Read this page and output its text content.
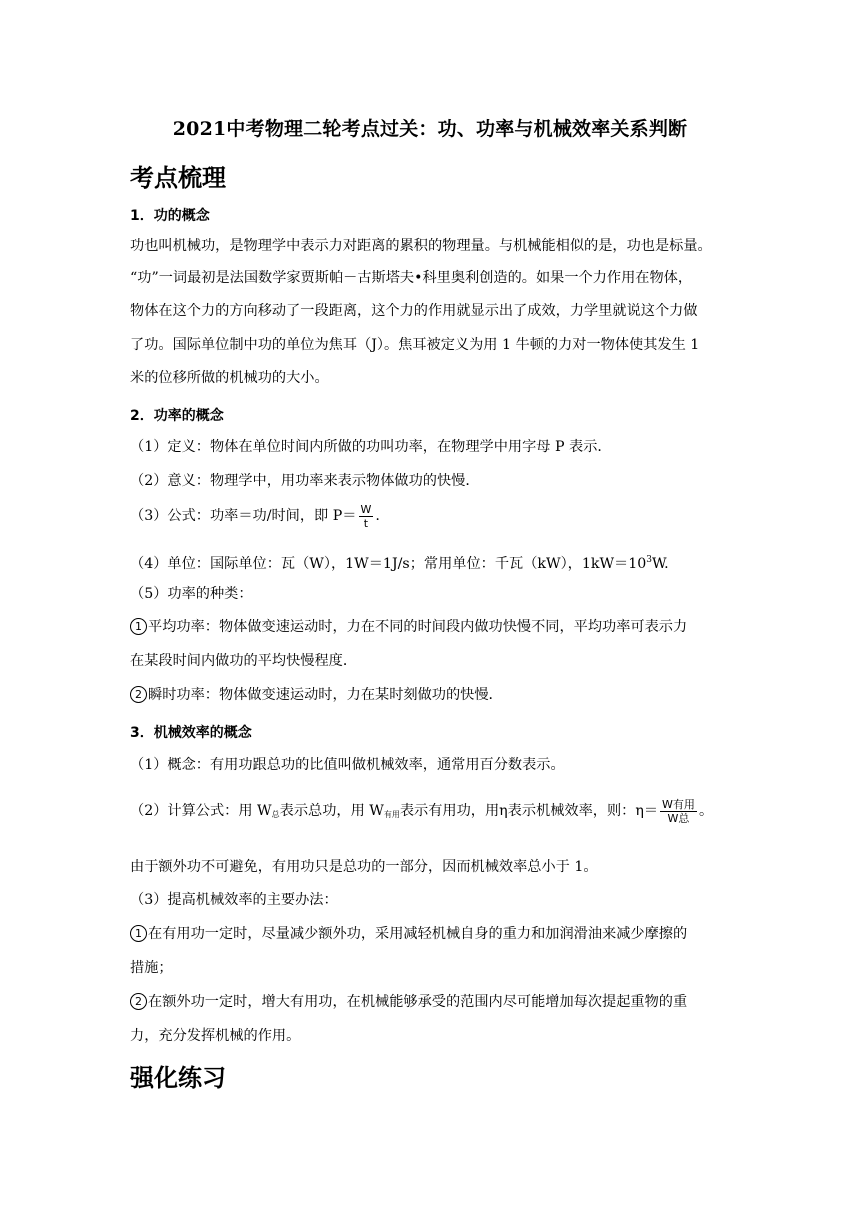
2021中考物理二轮考点过关：功、功率与机械效率关系判断
考点梳理
1．功的概念
功也叫机械功，是物理学中表示力对距离的累积的物理量。与机械能相似的是，功也是标量。
“功”一词最初是法国数学家贾斯帕－古斯塔夫•科里奥利创造的。如果一个力作用在物体，
物体在这个力的方向移动了一段距离，这个力的作用就显示出了成效，力学里就说这个力做
了功。国际单位制中功的单位为焦耳（J）。焦耳被定义为用 1 牛顿的力对一物体使其发生 1
米的位移所做的机械功的大小。
2．功率的概念
（1）定义：物体在单位时间内所做的功叫功率，在物理学中用字母 P 表示．
（2）意义：物理学中，用功率来表示物体做功的快慢．
（3）公式：功率＝功/时间，即 $P= \frac{W}{t}$ .
（4）单位：国际单位：瓦（W），1W＝1J/s；常用单位：千瓦（kW），$1kW=10^3W$.
（5）功率的种类：
1 平均功率：物体做变速运动时，力在不同的时间段内做功快慢不同，平均功率可表示力
在某段时间内做功的平均快慢程度．
2 瞬时功率：物体做变速运动时，力在某时刻做功的快慢．
3．机械效率的概念
（1）概念：有用功跟总功的比值叫做机械效率，通常用百分数表示。
（2）计算公式：用 $W_总$表示总功，用 $W_{有用}$表示有用功，用η表示机械效率，则：$\eta= \frac{\text{W有用}}{\text{W总}}$ 。
由于额外功不可避免，有用功只是总功的一部分，因而机械效率总小于 1。
（3）提高机械效率的主要办法：
1 在有用功一定时，尽量减少额外功，采用减轻机械自身的重力和加润滑油来减少摩擦的
措施；
2 在额外功一定时，增大有用功，在机械能够承受的范围内尽可能增加每次提起重物的重
力，充分发挥机械的作用。
强化练习
